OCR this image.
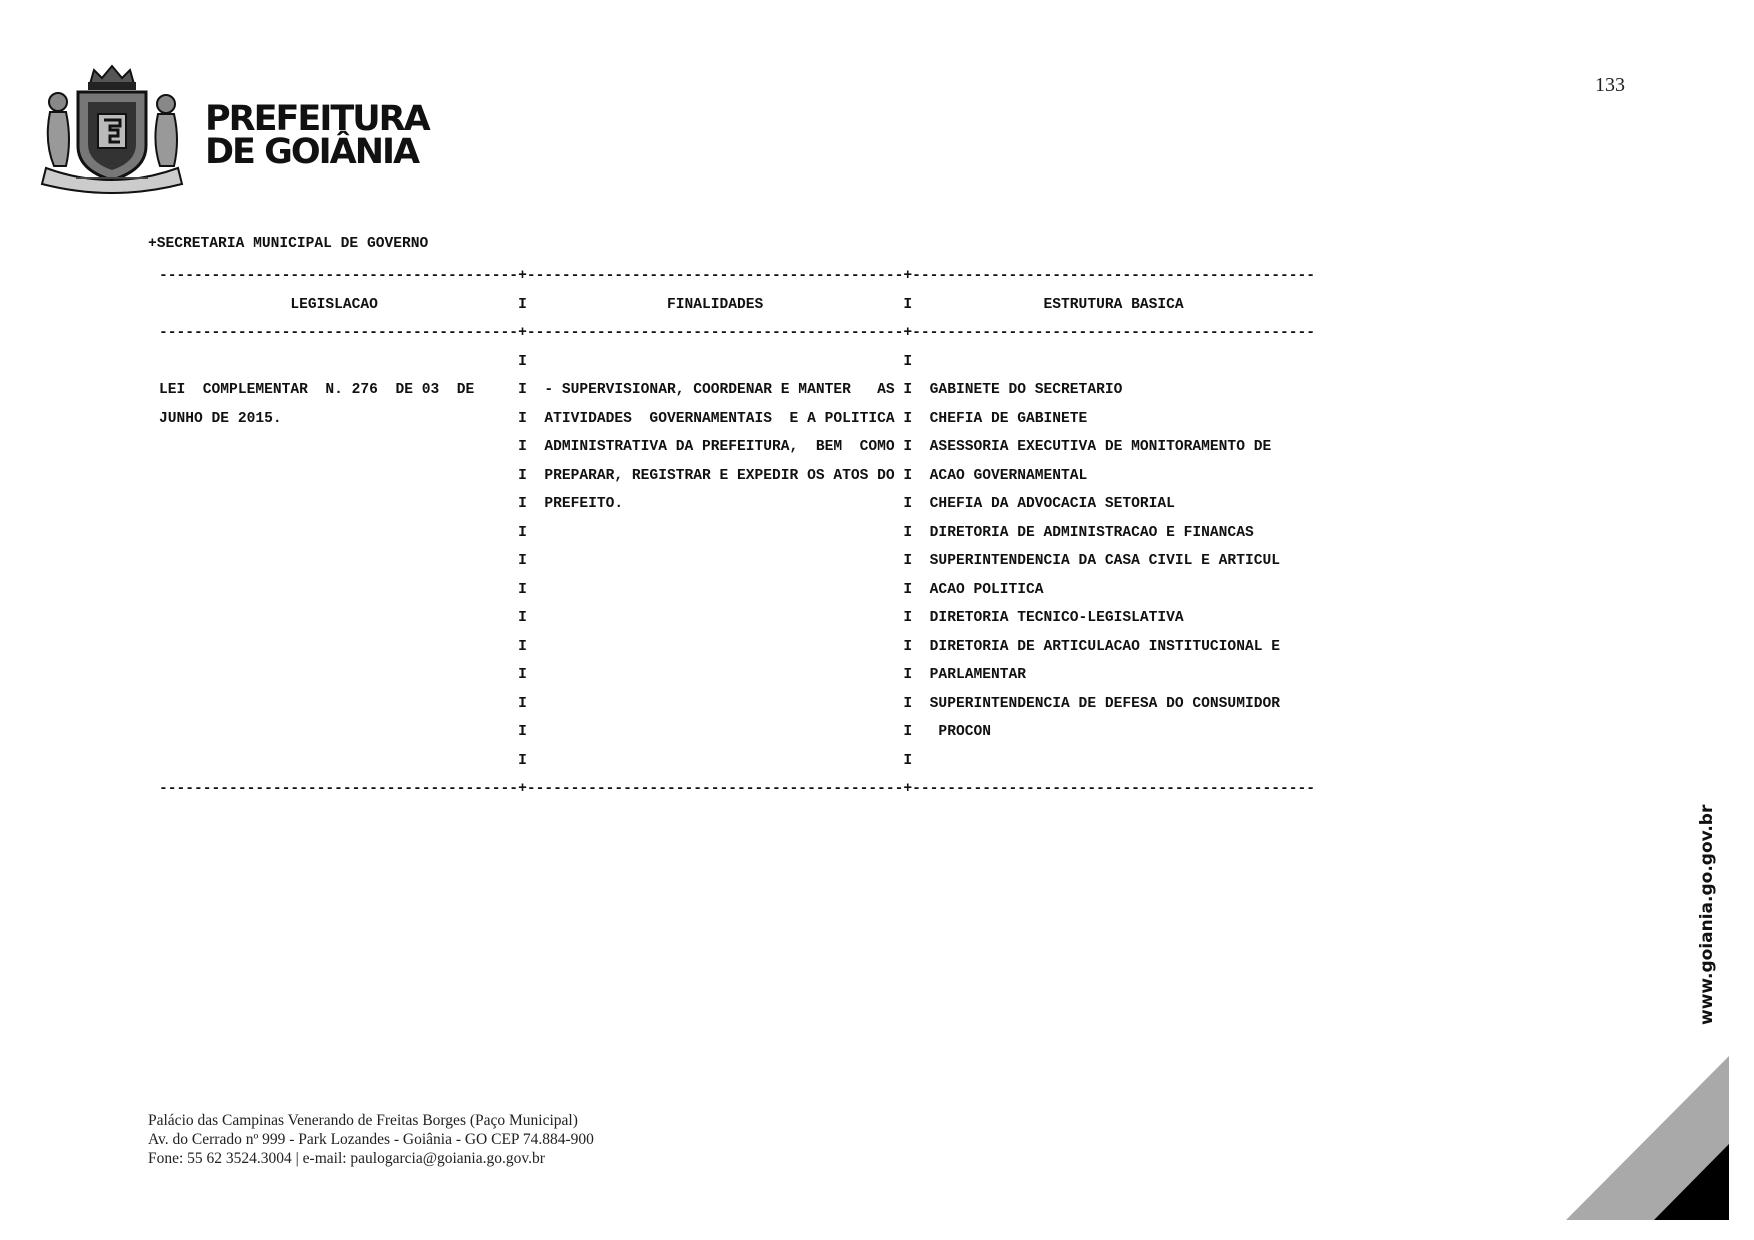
PREFEITURA
DE GOIÂNIA
133
+SECRETARIA MUNICIPAL DE GOVERNO
-----------------------------------------+-------------------------------------------+----------------------------------------------
LEGISLACAO                I                FINALIDADES                I               ESTRUTURA BASICA
-----------------------------------------+-------------------------------------------+----------------------------------------------
I                                           I
LEI  COMPLEMENTAR  N. 276  DE 03  DE     I  - SUPERVISIONAR, COORDENAR E MANTER   AS I  GABINETE DO SECRETARIO
JUNHO DE 2015.                           I  ATIVIDADES  GOVERNAMENTAIS  E A POLITICA I  CHEFIA DE GABINETE
I  ADMINISTRATIVA DA PREFEITURA,  BEM  COMO I  ASESSORIA EXECUTIVA DE MONITORAMENTO DE
I  PREPARAR, REGISTRAR E EXPEDIR OS ATOS DO I  ACAO GOVERNAMENTAL
I  PREFEITO.                                I  CHEFIA DA ADVOCACIA SETORIAL
I                                           I  DIRETORIA DE ADMINISTRACAO E FINANCAS
I                                           I  SUPERINTENDENCIA DA CASA CIVIL E ARTICUL
I                                           I  ACAO POLITICA
I                                           I  DIRETORIA TECNICO-LEGISLATIVA
I                                           I  DIRETORIA DE ARTICULACAO INSTITUCIONAL E
I                                           I  PARLAMENTAR
I                                           I  SUPERINTENDENCIA DE DEFESA DO CONSUMIDOR
I                                           I   PROCON
I                                           I
-----------------------------------------+-------------------------------------------+----------------------------------------------

www.goiania.go.gov.br
Palácio das Campinas Venerando de Freitas Borges (Paço Municipal)
Av. do Cerrado nº 999 - Park Lozandes - Goiânia - GO CEP 74.884-900
Fone: 55 62 3524.3004 | e-mail: paulogarcia@goiania.go.gov.br
